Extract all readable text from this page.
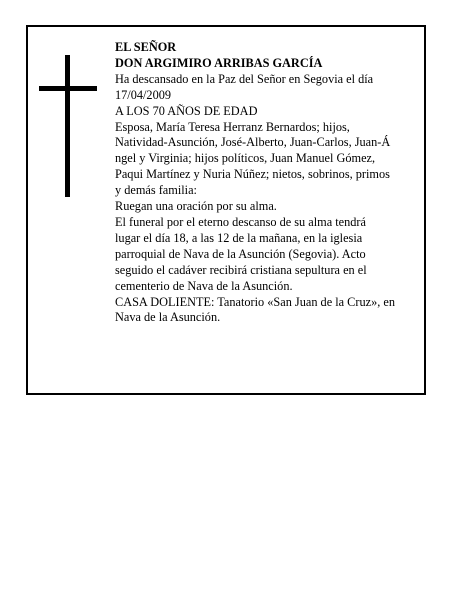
EL SEÑOR
DON ARGIMIRO ARRIBAS GARCÍA
Ha descansado en la Paz del Señor en Segovia el día
17/04/2009
A LOS 70 AÑOS DE EDAD
Esposa, María Teresa Herranz Bernardos; hijos,
Natividad-Asunción, José-Alberto, Juan-Carlos, Juan-Á
ngel y Virginia; hijos políticos, Juan Manuel Gómez,
Paqui Martínez y Nuria Núñez; nietos, sobrinos, primos
y demás familia:
Ruegan una oración por su alma.
El funeral por el eterno descanso de su alma tendrá
lugar el día 18, a las 12 de la mañana, en la iglesia
parroquial de Nava de la Asunción (Segovia). Acto
seguido el cadáver recibirá cristiana sepultura en el
cementerio de Nava de la Asunción.
CASA DOLIENTE: Tanatorio «San Juan de la Cruz», en
Nava de la Asunción.
